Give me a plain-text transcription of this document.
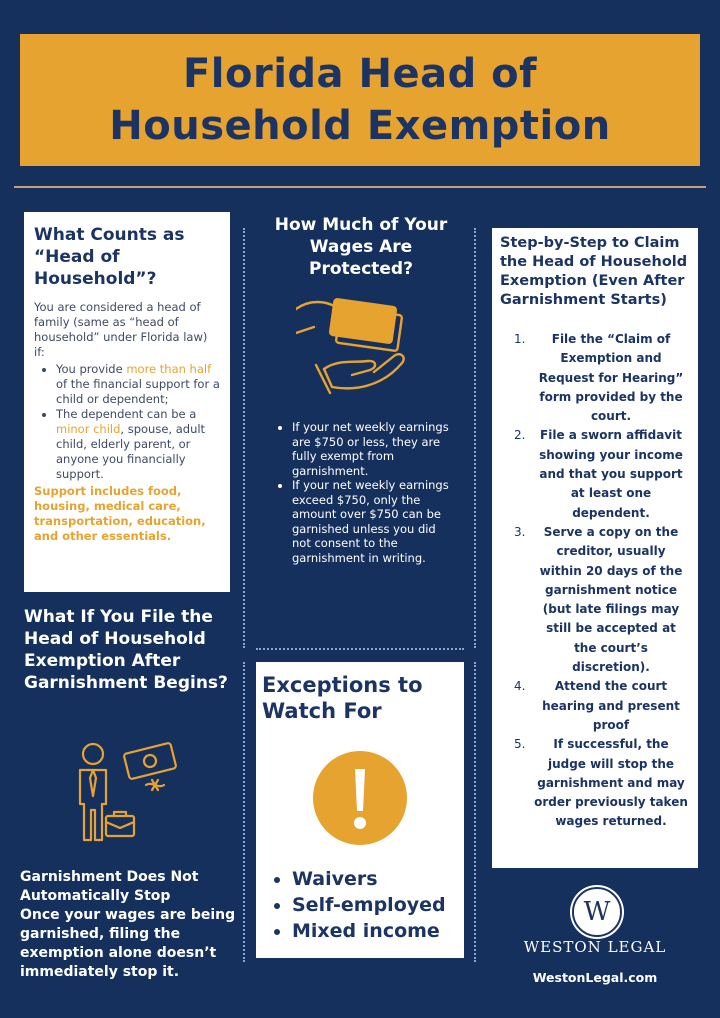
Florida Head of
Household Exemption
What Counts as “Head of Household”?

You are considered a head of family (same as “head of household” under Florida law) if:

• You provide more than half of the financial support for a child or dependent;
• The dependent can be a minor child, spouse, adult child, elderly parent, or anyone you financially support.

Support includes food, housing, medical care, transportation, education, and other essentials.

What If You File the Head of Household Exemption After Garnishment Begins?
Garnishment Does Not Automatically Stop
Once your wages are being garnished, filing the exemption alone doesn’t immediately stop it.
How Much of Your Wages Are Protected?
• If your net weekly earnings are $750 or less, they are fully exempt from garnishment.
• If your net weekly earnings exceed $750, only the amount over $750 can be garnished unless you did not consent to the garnishment in writing.
Exceptions to Watch For
• Waivers
• Self-employed
• Mixed income
Step-by-Step to Claim the Head of Household Exemption (Even After Garnishment Starts)
1.	File the “Claim of Exemption and Request for Hearing” form provided by the court.
2.	File a sworn affidavit showing your income and that you support at least one dependent.
3.	Serve a copy on the creditor, usually within 20 days of the garnishment notice (but late filings may still be accepted at the court’s discretion).
4.	Attend the court hearing and present proof
5.	If successful, the judge will stop the garnishment and may order previously taken wages returned.
W
WESTON LEGAL
WestonLegal.com
